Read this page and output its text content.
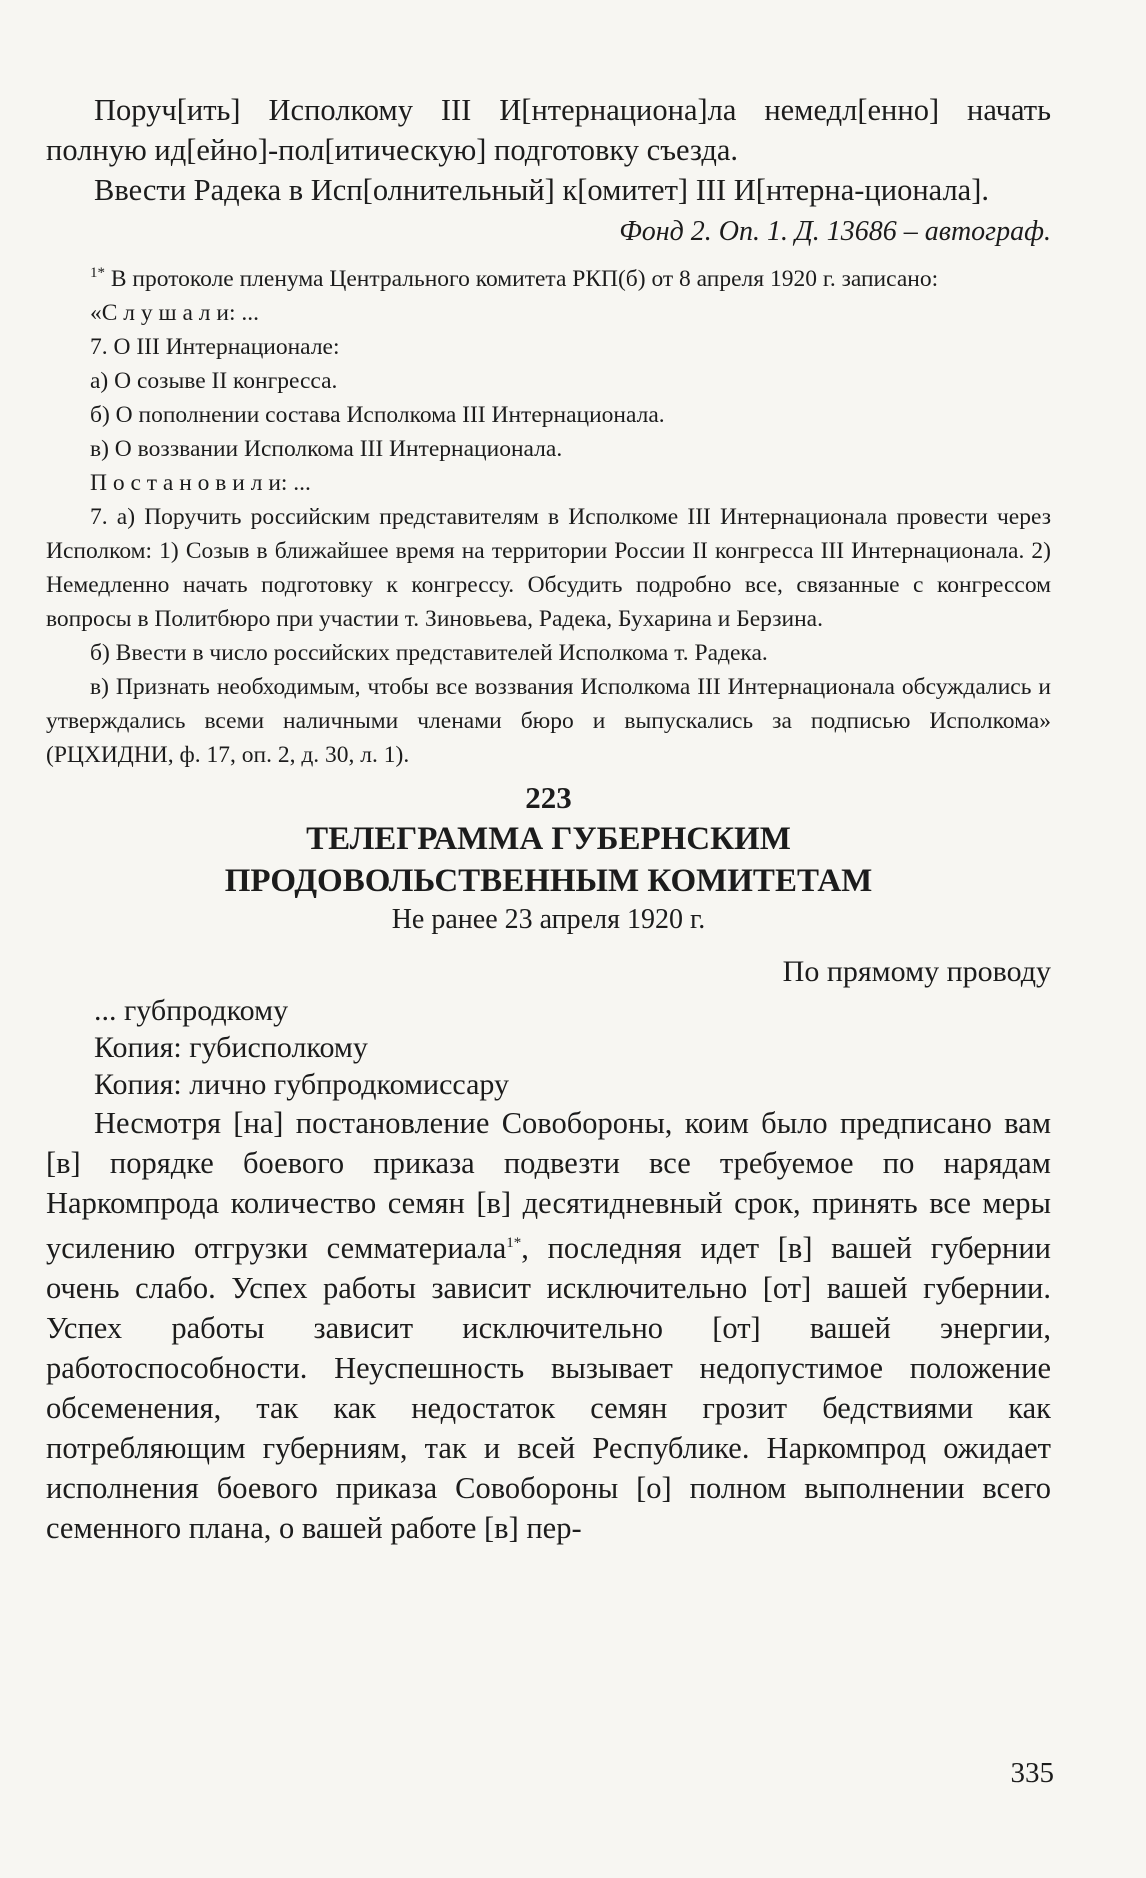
Поруч[ить] Исполкому III И[нтернациона]ла немедл[енно] начать полную ид[ейно]-пол[итическую] подготовку съезда.

Ввести Радека в Исп[олнительный] к[омитет] III И[нтерна-ционала].

Фонд 2. Оп. 1. Д. 13686 – автограф.

$^{1*}$ В протоколе пленума Центрального комитета РКП(б) от 8 апреля 1920 г. записано:

«С л у ш а л и: ...

7. О III Интернационале:

а) О созыве II конгресса.

б) О пополнении состава Исполкома III Интернационала.

в) О воззвании Исполкома III Интернационала.

П о с т а н о в и л и: ...

7. а) Поручить российским представителям в Исполкоме III Интернационала провести через Исполком: 1) Созыв в ближайшее время на территории России II конгресса III Интернационала. 2) Немедленно начать подготовку к конгрессу. Обсудить подробно все, связанные с конгрессом вопросы в Политбюро при участии т. Зиновьева, Радека, Бухарина и Берзина.

б) Ввести в число российских представителей Исполкома т. Радека.

в) Признать необходимым, чтобы все воззвания Исполкома III Интернационала обсуждались и утверждались всеми наличными членами бюро и выпускались за подписью Исполкома» (РЦХИДНИ, ф. 17, оп. 2, д. 30, л. 1).

223

ТЕЛЕГРАММА ГУБЕРНСКИМ

ПРОДОВОЛЬСТВЕННЫМ КОМИТЕТАМ

Не ранее 23 апреля 1920 г.

По прямому проводу

... губпродкому

Копия: губисполкому

Копия: лично губпродкомиссару

Несмотря [на] постановление Совобороны, коим было предписано вам [в] порядке боевого приказа подвезти все требуемое по нарядам Наркомпрода количество семян [в] десятидневный срок, принять все меры усилению отгрузки семматериала$^{1*}$, последняя идет [в] вашей губернии очень слабо. Успех работы зависит исключительно [от] вашей губернии. Успех работы зависит исключительно [от] вашей энергии, работоспособности. Неуспешность вызывает недопустимое положение обсеменения, так как недостаток семян грозит бедствиями как потребляющим губерниям, так и всей Республике. Наркомпрод ожидает исполнения боевого приказа Совобороны [о] полном выполнении всего семенного плана, о вашей работе [в] пер-

335
